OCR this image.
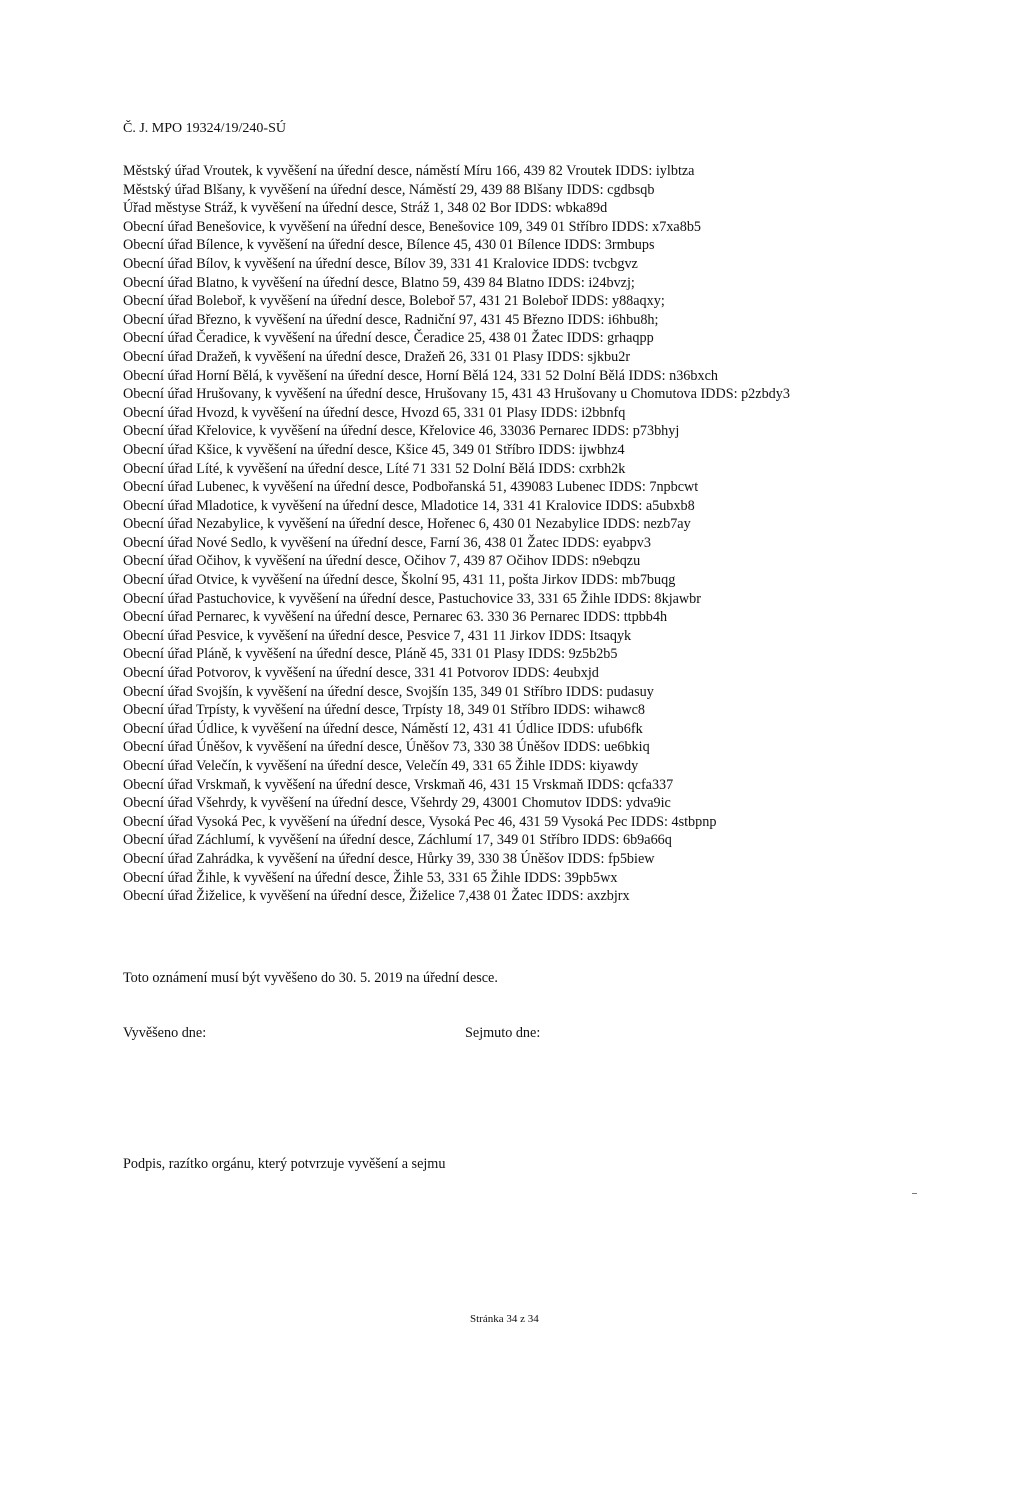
Č. J. MPO 19324/19/240-SÚ
Městský úřad Vroutek, k vyvěšení na úřední desce, náměstí Míru 166, 439 82 Vroutek IDDS: iylbtza
Městský úřad Blšany, k vyvěšení na úřední desce, Náměstí 29, 439 88 Blšany IDDS: cgdbsqb
Úřad městyse Stráž, k vyvěšení na úřední desce, Stráž 1, 348 02 Bor IDDS: wbka89d
Obecní úřad Benešovice, k vyvěšení na úřední desce, Benešovice 109, 349 01 Stříbro IDDS: x7xa8b5
Obecní úřad Bílence, k vyvěšení na úřední desce, Bílence 45, 430 01 Bílence IDDS: 3rmbups
Obecní úřad Bílov, k vyvěšení na úřední desce, Bílov 39, 331 41 Kralovice IDDS: tvcbgvz
Obecní úřad Blatno, k vyvěšení na úřední desce, Blatno 59, 439 84 Blatno IDDS: i24bvzj;
Obecní úřad Boleboř, k vyvěšení na úřední desce, Boleboř 57, 431 21 Boleboř IDDS: y88aqxy;
Obecní úřad Březno, k vyvěšení na úřední desce, Radniční 97, 431 45 Březno IDDS: i6hbu8h;
Obecní úřad Čeradice, k vyvěšení na úřední desce, Čeradice 25, 438 01 Žatec IDDS: grhaqpp
Obecní úřad Dražeň, k vyvěšení na úřední desce, Dražeň 26, 331 01 Plasy IDDS: sjkbu2r
Obecní úřad Horní Bělá, k vyvěšení na úřední desce, Horní Bělá 124, 331 52 Dolní Bělá IDDS: n36bxch
Obecní úřad Hrušovany, k vyvěšení na úřední desce, Hrušovany 15, 431 43 Hrušovany u Chomutova IDDS: p2zbdy3
Obecní úřad Hvozd, k vyvěšení na úřední desce, Hvozd 65, 331 01 Plasy IDDS: i2bbnfq
Obecní úřad Křelovice, k vyvěšení na úřední desce, Křelovice 46, 33036 Pernarec IDDS: p73bhyj
Obecní úřad Kšice, k vyvěšení na úřední desce, Kšice 45, 349 01 Stříbro IDDS: ijwbhz4
Obecní úřad Líté, k vyvěšení na úřední desce, Líté 71 331 52 Dolní Bělá IDDS: cxrbh2k
Obecní úřad Lubenec, k vyvěšení na úřední desce, Podbořanská 51, 439083 Lubenec IDDS: 7npbcwt
Obecní úřad Mladotice, k vyvěšení na úřední desce, Mladotice 14, 331 41 Kralovice IDDS: a5ubxb8
Obecní úřad Nezabylice, k vyvěšení na úřední desce, Hořenec 6, 430 01 Nezabylice IDDS: nezb7ay
Obecní úřad Nové Sedlo, k vyvěšení na úřední desce, Farní 36, 438 01 Žatec IDDS: eyabpv3
Obecní úřad Očihov, k vyvěšení na úřední desce, Očihov 7, 439 87 Očihov IDDS: n9ebqzu
Obecní úřad Otvice, k vyvěšení na úřední desce, Školní 95, 431 11, pošta Jirkov IDDS: mb7buqg
Obecní úřad Pastuchovice, k vyvěšení na úřední desce, Pastuchovice 33, 331 65 Žihle IDDS: 8kjawbr
Obecní úřad Pernarec, k vyvěšení na úřední desce, Pernarec 63. 330 36 Pernarec IDDS: ttpbb4h
Obecní úřad Pesvice, k vyvěšení na úřední desce, Pesvice 7, 431 11 Jirkov IDDS: Itsaqyk
Obecní úřad Pláně, k vyvěšení na úřední desce, Pláně 45, 331 01 Plasy IDDS: 9z5b2b5
Obecní úřad Potvorov, k vyvěšení na úřední desce, 331 41 Potvorov IDDS: 4eubxjd
Obecní úřad Svojšín, k vyvěšení na úřední desce, Svojšín 135, 349 01 Stříbro IDDS: pudasuy
Obecní úřad Trpísty, k vyvěšení na úřední desce, Trpísty 18, 349 01 Stříbro IDDS: wihawc8
Obecní úřad Údlice, k vyvěšení na úřední desce, Náměstí 12, 431 41 Údlice IDDS: ufub6fk
Obecní úřad Úněšov, k vyvěšení na úřední desce, Úněšov 73, 330 38 Úněšov IDDS: ue6bkiq
Obecní úřad Velečín, k vyvěšení na úřední desce, Velečín 49, 331 65 Žihle IDDS: kiyawdy
Obecní úřad Vrskmaň, k vyvěšení na úřední desce, Vrskmaň 46, 431 15 Vrskmaň IDDS: qcfa337
Obecní úřad Všehrdy, k vyvěšení na úřední desce, Všehrdy 29, 43001 Chomutov IDDS: ydva9ic
Obecní úřad Vysoká Pec, k vyvěšení na úřední desce, Vysoká Pec 46, 431 59 Vysoká Pec IDDS: 4stbpnp
Obecní úřad Záchlumí, k vyvěšení na úřední desce, Záchlumí 17, 349 01 Stříbro IDDS: 6b9a66q
Obecní úřad Zahrádka, k vyvěšení na úřední desce, Hůrky 39, 330 38 Úněšov IDDS: fp5biew
Obecní úřad Žihle, k vyvěšení na úřední desce, Žihle 53, 331 65 Žihle IDDS: 39pb5wx
Obecní úřad Žiželice, k vyvěšení na úřední desce, Žiželice 7,438 01 Žatec IDDS: axzbjrx
Toto oznámení musí být vyvěšeno do 30. 5. 2019 na úřední desce.
Vyvěšeno dne:	Sejmuto dne:
Podpis, razítko orgánu, který potvrzuje vyvěšení a sejmu
Stránka 34 z 34
